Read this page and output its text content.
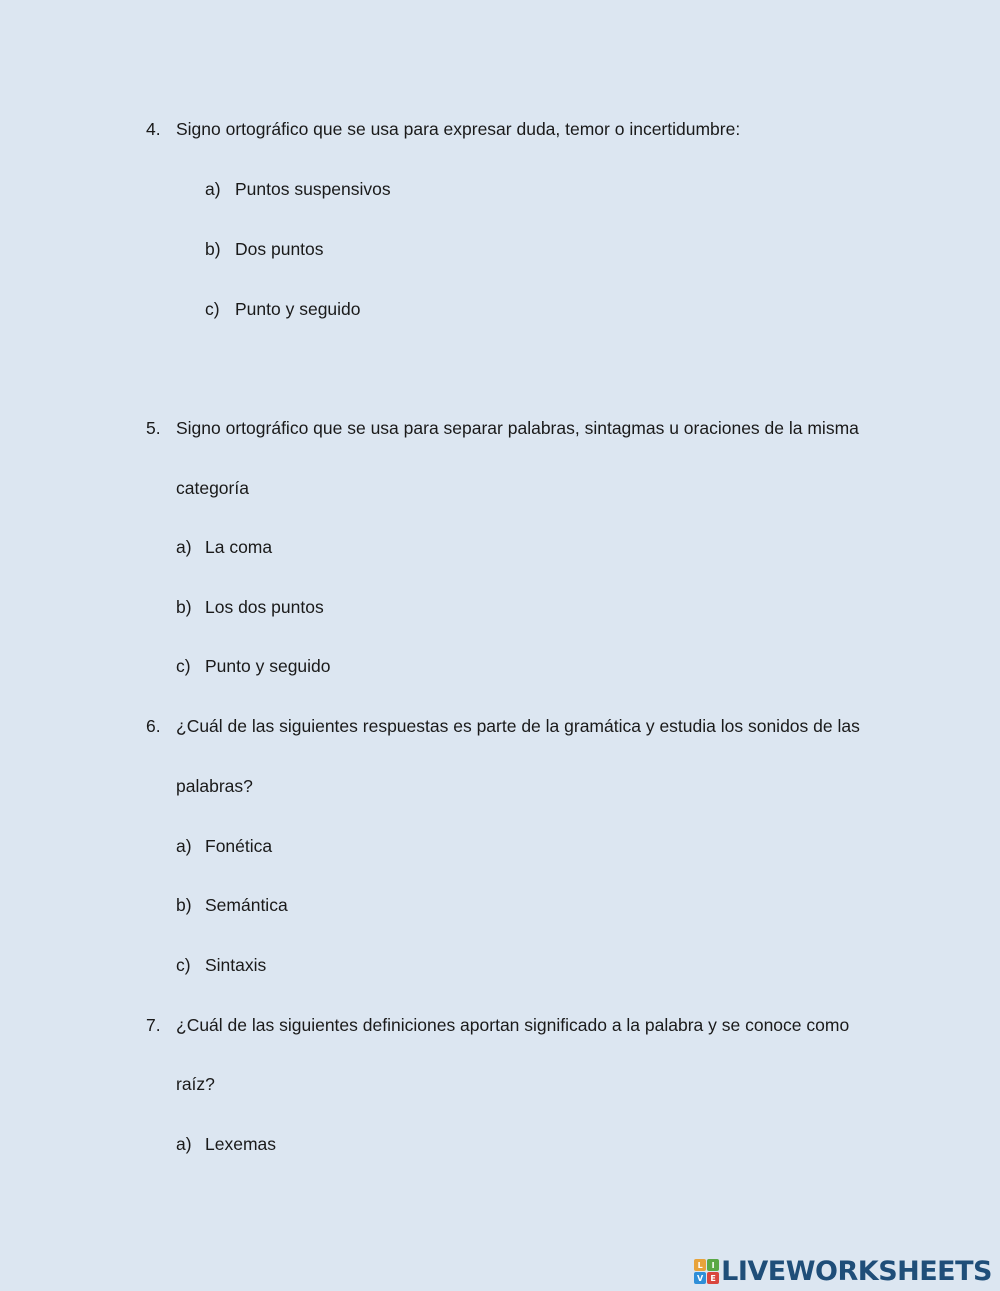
4. Signo ortográfico que se usa para expresar duda, temor o incertidumbre:
a) Puntos suspensivos
b) Dos puntos
c) Punto y seguido
5. Signo ortográfico que se usa para separar palabras, sintagmas u oraciones de la misma
categoría
a) La coma
b) Los dos puntos
c) Punto y seguido
6. ¿Cuál de las siguientes respuestas es parte de la gramática y estudia los sonidos de las
palabras?
a) Fonética
b) Semántica
c) Sintaxis
7. ¿Cuál de las siguientes definiciones aportan significado a la palabra y se conoce como
raíz?
a) Lexemas
L	I
V E LIVEWORKSHEETS
